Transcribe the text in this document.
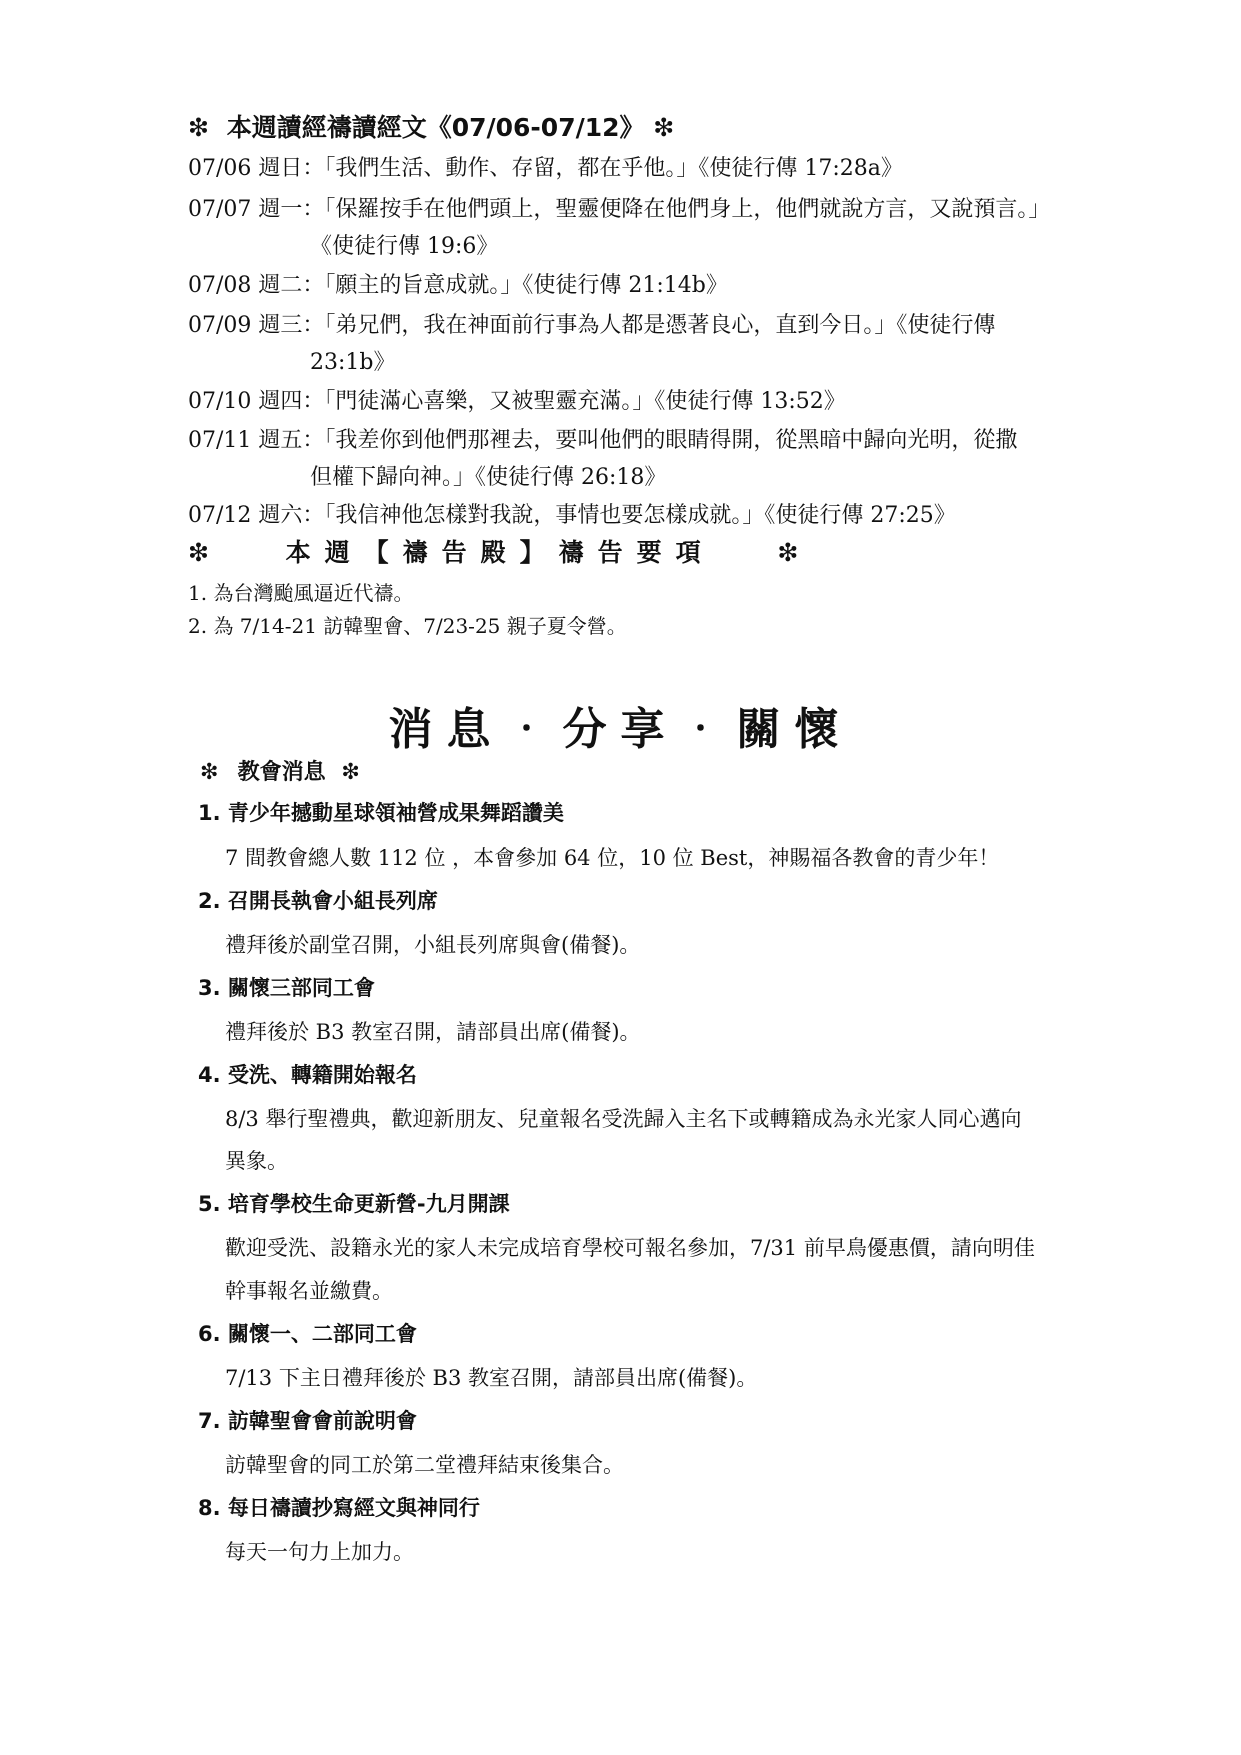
❇ 本週讀經禱讀經文《07/06-07/12》 ❇
07/06 週日：「我們生活、動作、存留，都在乎他。」《使徒行傳 17:28a》
07/07 週一：「保羅按手在他們頭上，聖靈便降在他們身上，他們就說方言，又說預言。」
《使徒行傳 19:6》
07/08 週二：「願主的旨意成就。」《使徒行傳 21:14b》
07/09 週三：「弟兄們，我在神面前行事為人都是憑著良心，直到今日。」《使徒行傳
23:1b》
07/10 週四：「門徒滿心喜樂，又被聖靈充滿。」《使徒行傳 13:52》
07/11 週五：「我差你到他們那裡去，要叫他們的眼睛得開，從黑暗中歸向光明，從撒
但權下歸向神。」《使徒行傳 26:18》
07/12 週六：「我信神他怎樣對我說，事情也要怎樣成就。」《使徒行傳 27:25》
❇	本週【禱告殿】禱告要項	❇
1. 為台灣颱風逼近代禱。
2. 為 7/14-21 訪韓聖會、7/23-25 親子夏令營。
消息‧分享‧關懷
❇ 教會消息 ❇
1. 青少年撼動星球領袖營成果舞蹈讚美
7 間教會總人數 112 位 ，本會參加 64 位，10 位 Best，神賜福各教會的青少年！
2. 召開長執會小組長列席
禮拜後於副堂召開，小組長列席與會(備餐)。
3. 關懷三部同工會
禮拜後於 B3 教室召開，請部員出席(備餐)。
4. 受洗、轉籍開始報名
8/3 舉行聖禮典，歡迎新朋友、兒童報名受洗歸入主名下或轉籍成為永光家人同心邁向
異象。
5. 培育學校生命更新營-九月開課
歡迎受洗、設籍永光的家人未完成培育學校可報名參加，7/31 前早鳥優惠價，請向明佳
幹事報名並繳費。
6. 關懷一、二部同工會
7/13 下主日禮拜後於 B3 教室召開，請部員出席(備餐)。
7. 訪韓聖會會前說明會
訪韓聖會的同工於第二堂禮拜結束後集合。
8. 每日禱讀抄寫經文與神同行
每天一句力上加力。
